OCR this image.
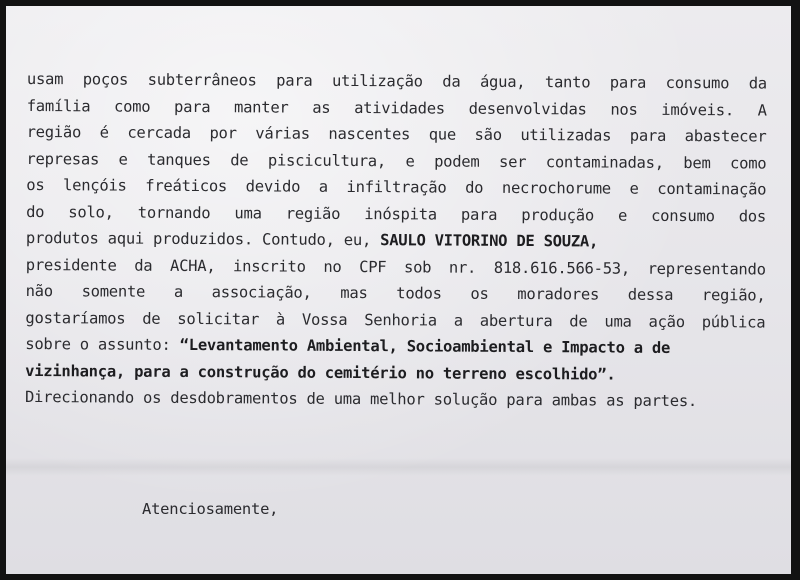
usam poços subterrâneos para utilização da água, tanto para consumo da
família como para manter as atividades desenvolvidas nos imóveis. A
região é cercada por várias nascentes que são utilizadas para abastecer
represas e tanques de piscicultura, e podem ser contaminadas, bem como
os lençóis freáticos devido a infiltração do necrochorume e contaminação
do solo, tornando uma região inóspita para produção e consumo dos
produtos aqui produzidos. Contudo, eu, SAULO VITORINO DE SOUZA,
presidente da ACHA, inscrito no CPF sob nr. 818.616.566-53, representando
não somente a associação, mas todos os moradores dessa região,
gostaríamos de solicitar à Vossa Senhoria a abertura de uma ação pública
sobre o assunto: “Levantamento Ambiental, Socioambiental e Impacto a de
vizinhança, para a construção do cemitério no terreno escolhido”.
Direcionando os desdobramentos de uma melhor solução para ambas as partes.
Atenciosamente,
